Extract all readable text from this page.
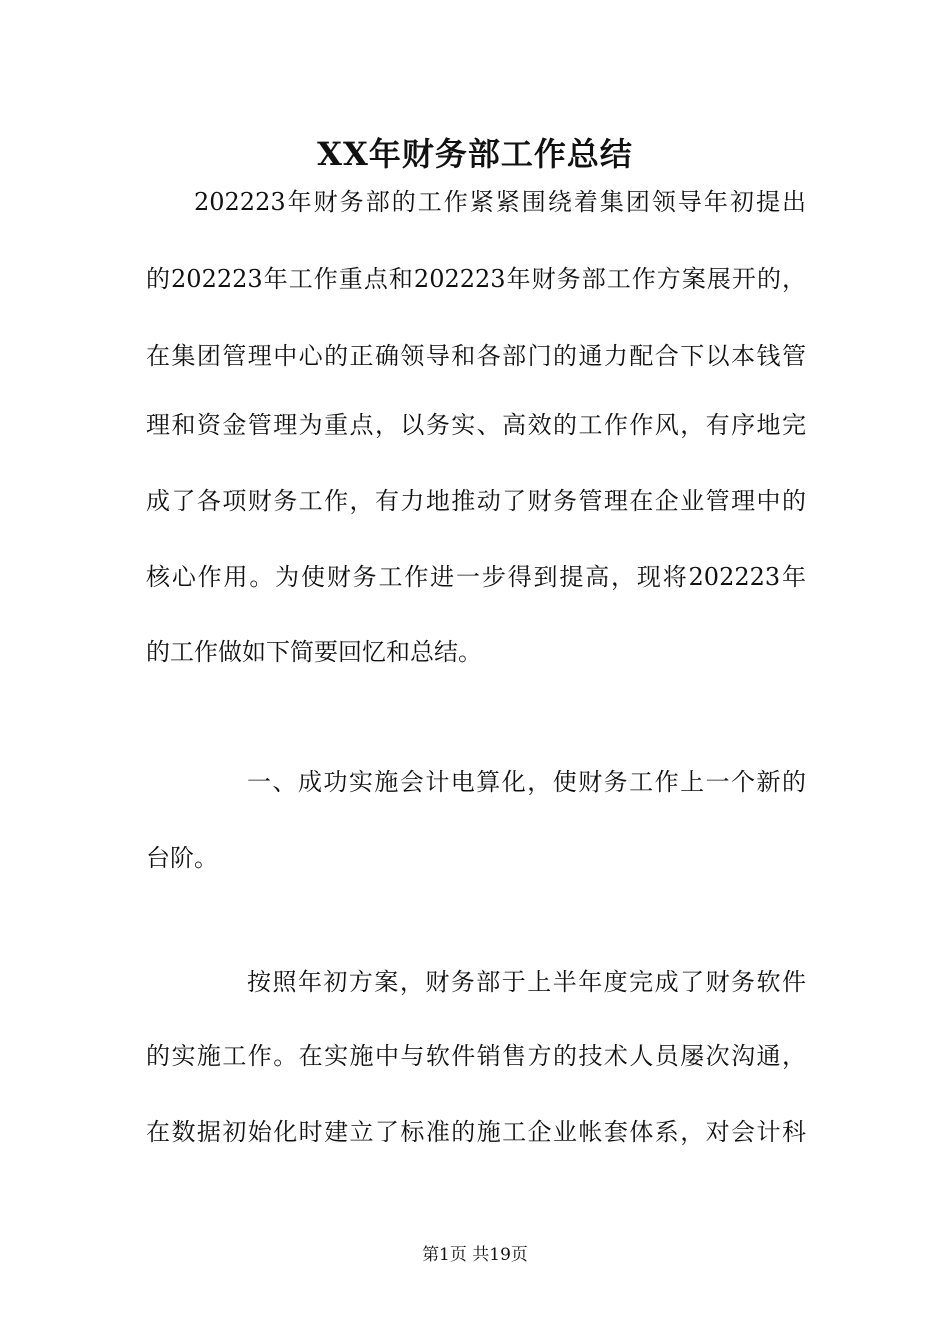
XX年财务部工作总结
202223年财务部的工作紧紧围绕着集团领导年初提出
的202223年工作重点和202223年财务部工作方案展开的，
在集团管理中心的正确领导和各部门的通力配合下以本钱管
理和资金管理为重点，以务实、高效的工作作风，有序地完
成了各项财务工作，有力地推动了财务管理在企业管理中的
核心作用。为使财务工作进一步得到提高，现将202223年
的工作做如下简要回忆和总结。
一、成功实施会计电算化，使财务工作上一个新的
台阶。
按照年初方案，财务部于上半年度完成了财务软件
的实施工作。在实施中与软件销售方的技术人员屡次沟通，
在数据初始化时建立了标准的施工企业帐套体系，对会计科
第1页 共19页
